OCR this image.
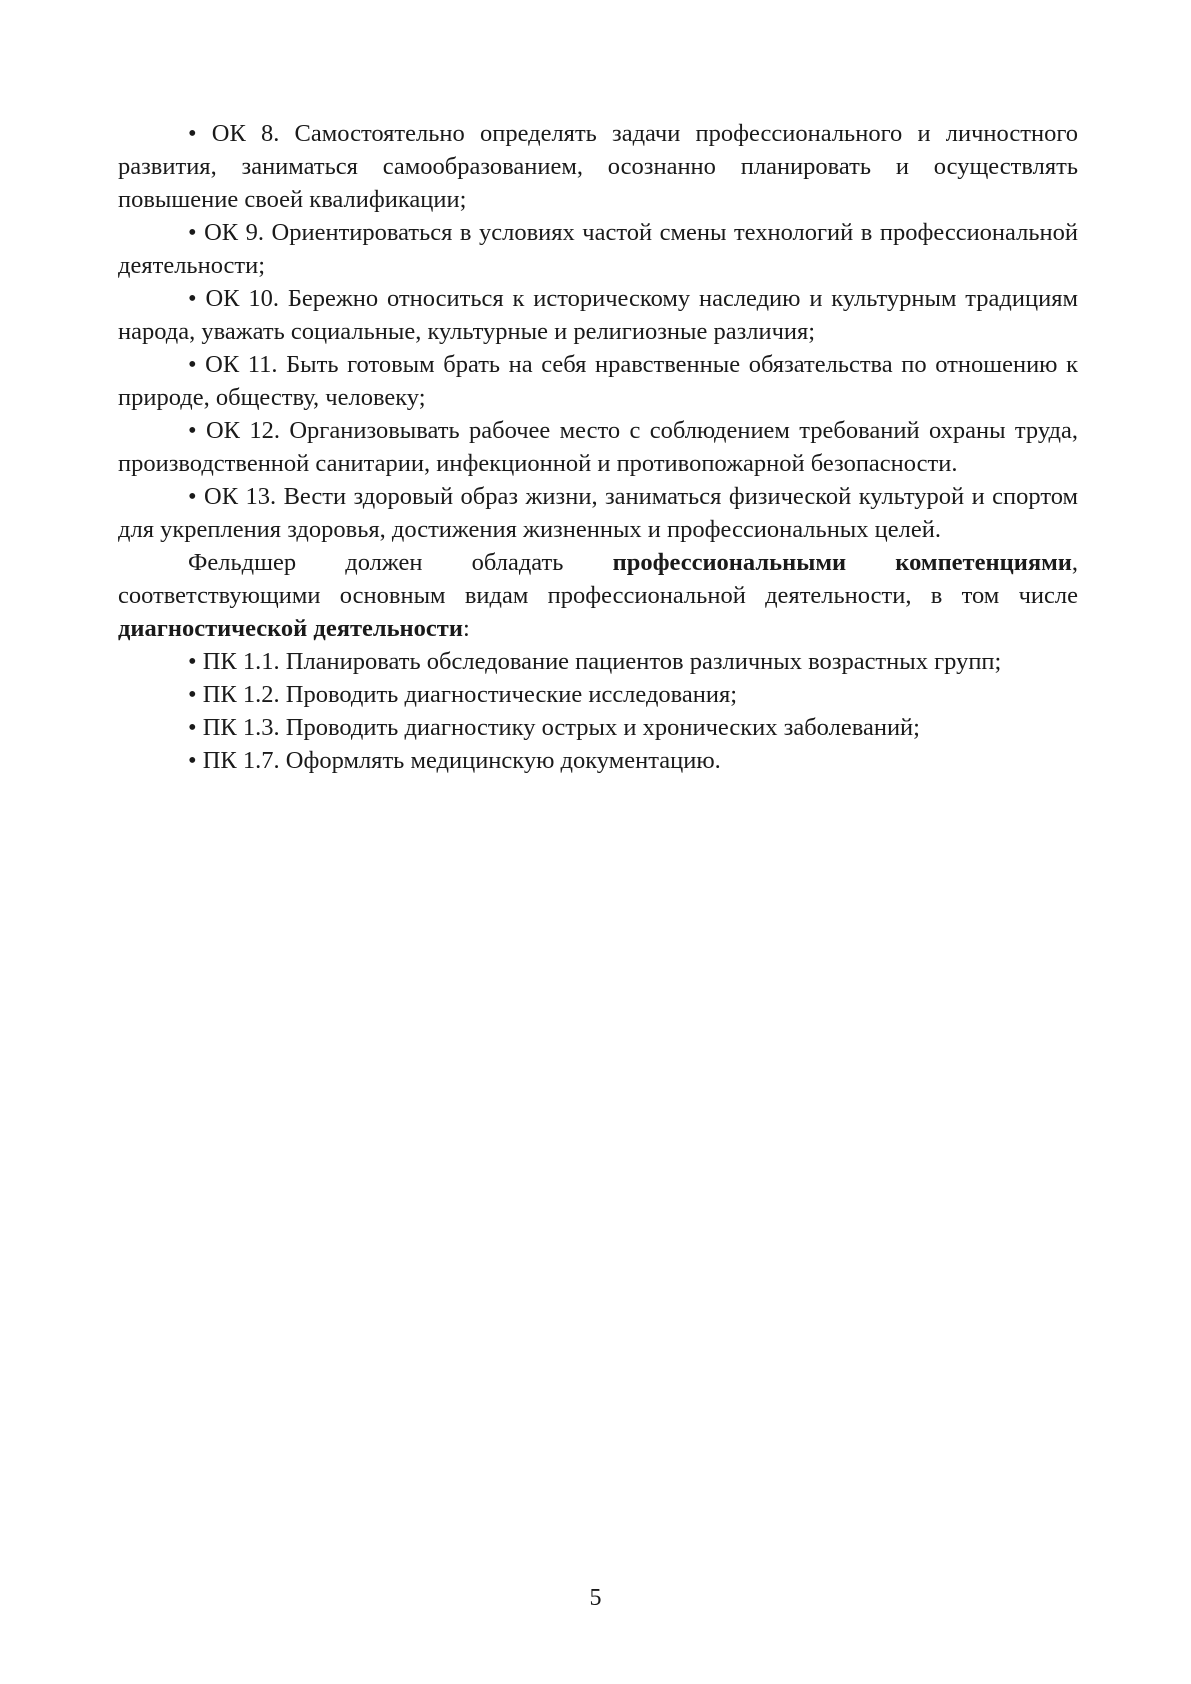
• ОК 8. Самостоятельно определять задачи профессионального и личностного развития, заниматься самообразованием, осознанно планировать и осуществлять повышение своей квалификации;

• ОК 9. Ориентироваться в условиях частой смены технологий в профессиональной деятельности;

• ОК 10. Бережно относиться к историческому наследию и культурным традициям народа, уважать социальные, культурные и религиозные различия;

• ОК 11. Быть готовым брать на себя нравственные обязательства по отношению к природе, обществу, человеку;

• ОК 12. Организовывать рабочее место с соблюдением требований охраны труда, производственной санитарии, инфекционной и противопожарной безопасности.

• ОК 13. Вести здоровый образ жизни, заниматься физической культурой и спортом для укрепления здоровья, достижения жизненных и профессиональных целей.

Фельдшер должен обладать профессиональными компетенциями, соответствующими основным видам профессиональной деятельности, в том числе диагностической деятельности:

• ПК 1.1. Планировать обследование пациентов различных возрастных групп;

• ПК 1.2. Проводить диагностические исследования;

• ПК 1.3. Проводить диагностику острых и хронических заболеваний;

• ПК 1.7. Оформлять медицинскую документацию.

5
